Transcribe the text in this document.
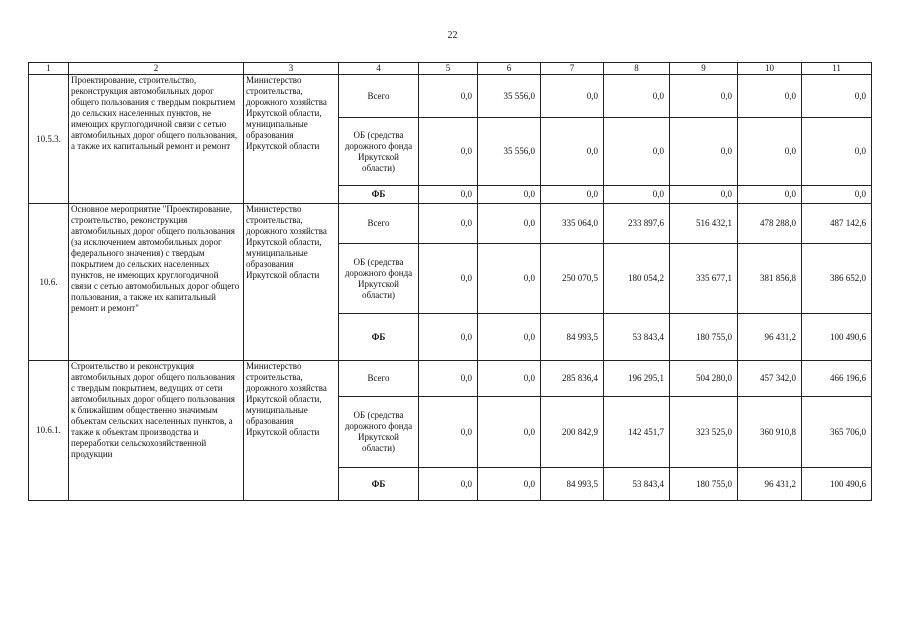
22
1	2	3	4	5	6	7	8	9	10	11
10.5.3.	Проектирование, строительство, реконструкция автомобильных дорог общего пользования с твердым покрытием до сельских населенных пунктов, не имеющих круглогодичной связи с сетью автомобильных дорог общего пользования, а также их капитальный ремонт и ремонт	Министерство строительства, дорожного хозяйства Иркутской области, муниципальные образования Иркутской области	Всего	0,0	35 556,0	0,0	0,0	0,0	0,0	0,0
			ОБ (средства дорожного фонда Иркутской области)	0,0	35 556,0	0,0	0,0	0,0	0,0	0,0
			ФБ	0,0	0,0	0,0	0,0	0,0	0,0	0,0
10.6.	Основное мероприятие "Проектирование, строительство, реконструкция автомобильных дорог общего пользования (за исключением автомобильных дорог федерального значения) с твердым покрытием до сельских населенных пунктов, не имеющих круглогодичной связи с сетью автомобильных дорог общего пользования, а также их капитальный ремонт и ремонт"	Министерство строительства, дорожного хозяйства Иркутской области, муниципальные образования Иркутской области	Всего	0,0	0,0	335 064,0	233 897,6	516 432,1	478 288,0	487 142,6
			ОБ (средства дорожного фонда Иркутской области)	0,0	0,0	250 070,5	180 054,2	335 677,1	381 856,8	386 652,0
			ФБ	0,0	0,0	84 993,5	53 843,4	180 755,0	96 431,2	100 490,6
10.6.1.	Строительство и реконструкция автомобильных дорог общего пользования с твердым покрытием, ведущих от сети автомобильных дорог общего пользования к ближайшим общественно значимым объектам сельских населенных пунктов, а также к объектам производства и переработки сельскохозяйственной продукции	Министерство строительства, дорожного хозяйства Иркутской области, муниципальные образования Иркутской области	Всего	0,0	0,0	285 836,4	196 295,1	504 280,0	457 342,0	466 196,6
			ОБ (средства дорожного фонда Иркутской области)	0,0	0,0	200 842,9	142 451,7	323 525,0	360 910,8	365 706,0
			ФБ	0,0	0,0	84 993,5	53 843,4	180 755,0	96 431,2	100 490,6
